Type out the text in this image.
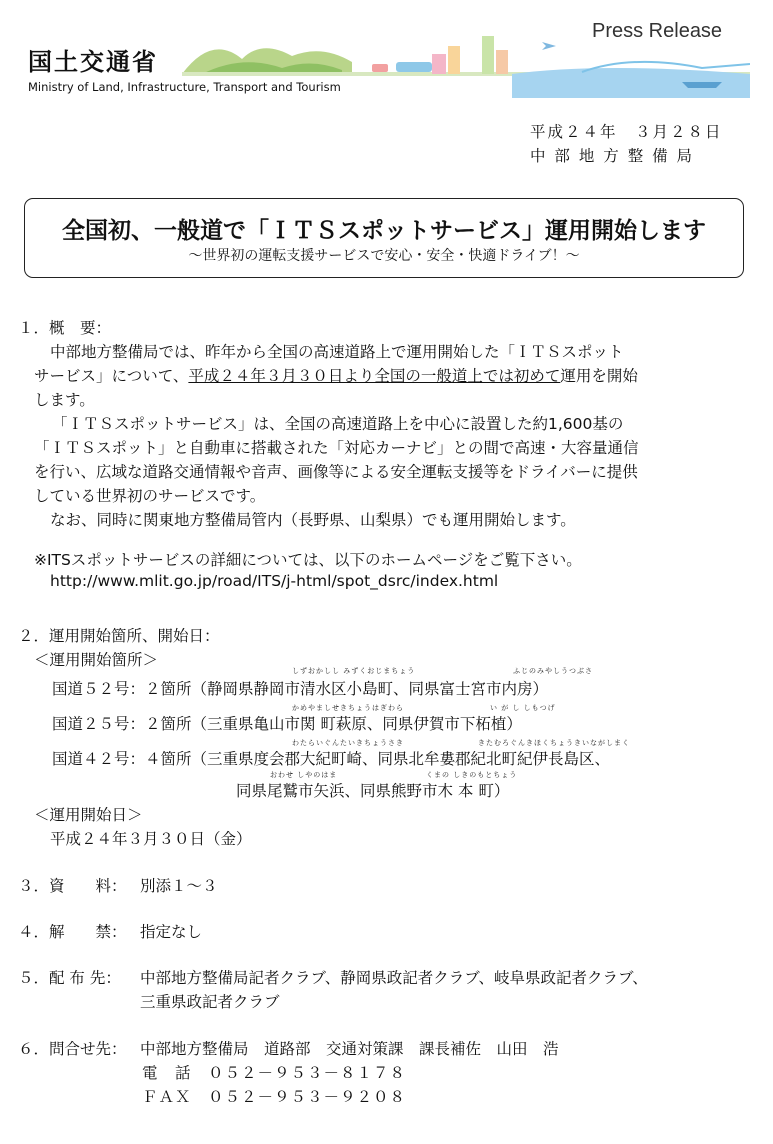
国土交通省
Ministry of Land, Infrastructure, Transport and Tourism
Press Release
平成２４年　３月２８日
中 部 地 方 整 備 局
全国初、一般道で「ＩＴＳスポットサービス」運用開始します
～世界初の運転支援サービスで安心・安全・快適ドライブ！～
１．概　要：
中部地方整備局では、昨年から全国の高速道路上で運用開始した「ＩＴＳスポット
サービス」について、平成２４年３月３０日より全国の一般道上では初めて運用を開始
します。
「ＩＴＳスポットサービス」は、全国の高速道路上を中心に設置した約1,600基の
「ＩＴＳスポット」と自動車に搭載された「対応カーナビ」との間で高速・大容量通信
を行い、広域な道路交通情報や音声、画像等による安全運転支援等をドライバーに提供
している世界初のサービスです。
なお、同時に関東地方整備局管内（長野県、山梨県）でも運用開始します。
※ITSスポットサービスの詳細については、以下のホームページをご覧下さい。
http://www.mlit.go.jp/road/ITS/j-html/spot_dsrc/index.html
２．運用開始箇所、開始日：
＜運用開始箇所＞
しずおかしし みずくおじまちょう	ふじのみやしうつぶさ
国道５２号：２箇所（静岡県静岡市清水区小島町、同県富士宮市内房）
かめやましせきちょうはぎわら	い が し しもつげ
国道２５号：２箇所（三重県亀山市関 町萩原、同県伊賀市下柘植）
わたらいぐんたいきちょうさき	きたむろぐんきほくちょうきいながしまく
国道４２号：４箇所（三重県度会郡大紀町崎、同県北牟婁郡紀北町紀伊長島区、
おわせ しやのはま	くまの しきのもとちょう
同県尾鷲市矢浜、同県熊野市木 本 町）
＜運用開始日＞
平成２４年３月３０日（金）
３．資　　料： 別添１～３
４．解　　禁： 指定なし
５．配 布 先： 中部地方整備局記者クラブ、静岡県政記者クラブ、岐阜県政記者クラブ、
三重県政記者クラブ
６．問合せ先： 中部地方整備局　道路部　交通対策課　課長補佐　山田　浩
電　話　０５２－９５３－８１７８
ＦＡＸ　０５２－９５３－９２０８
